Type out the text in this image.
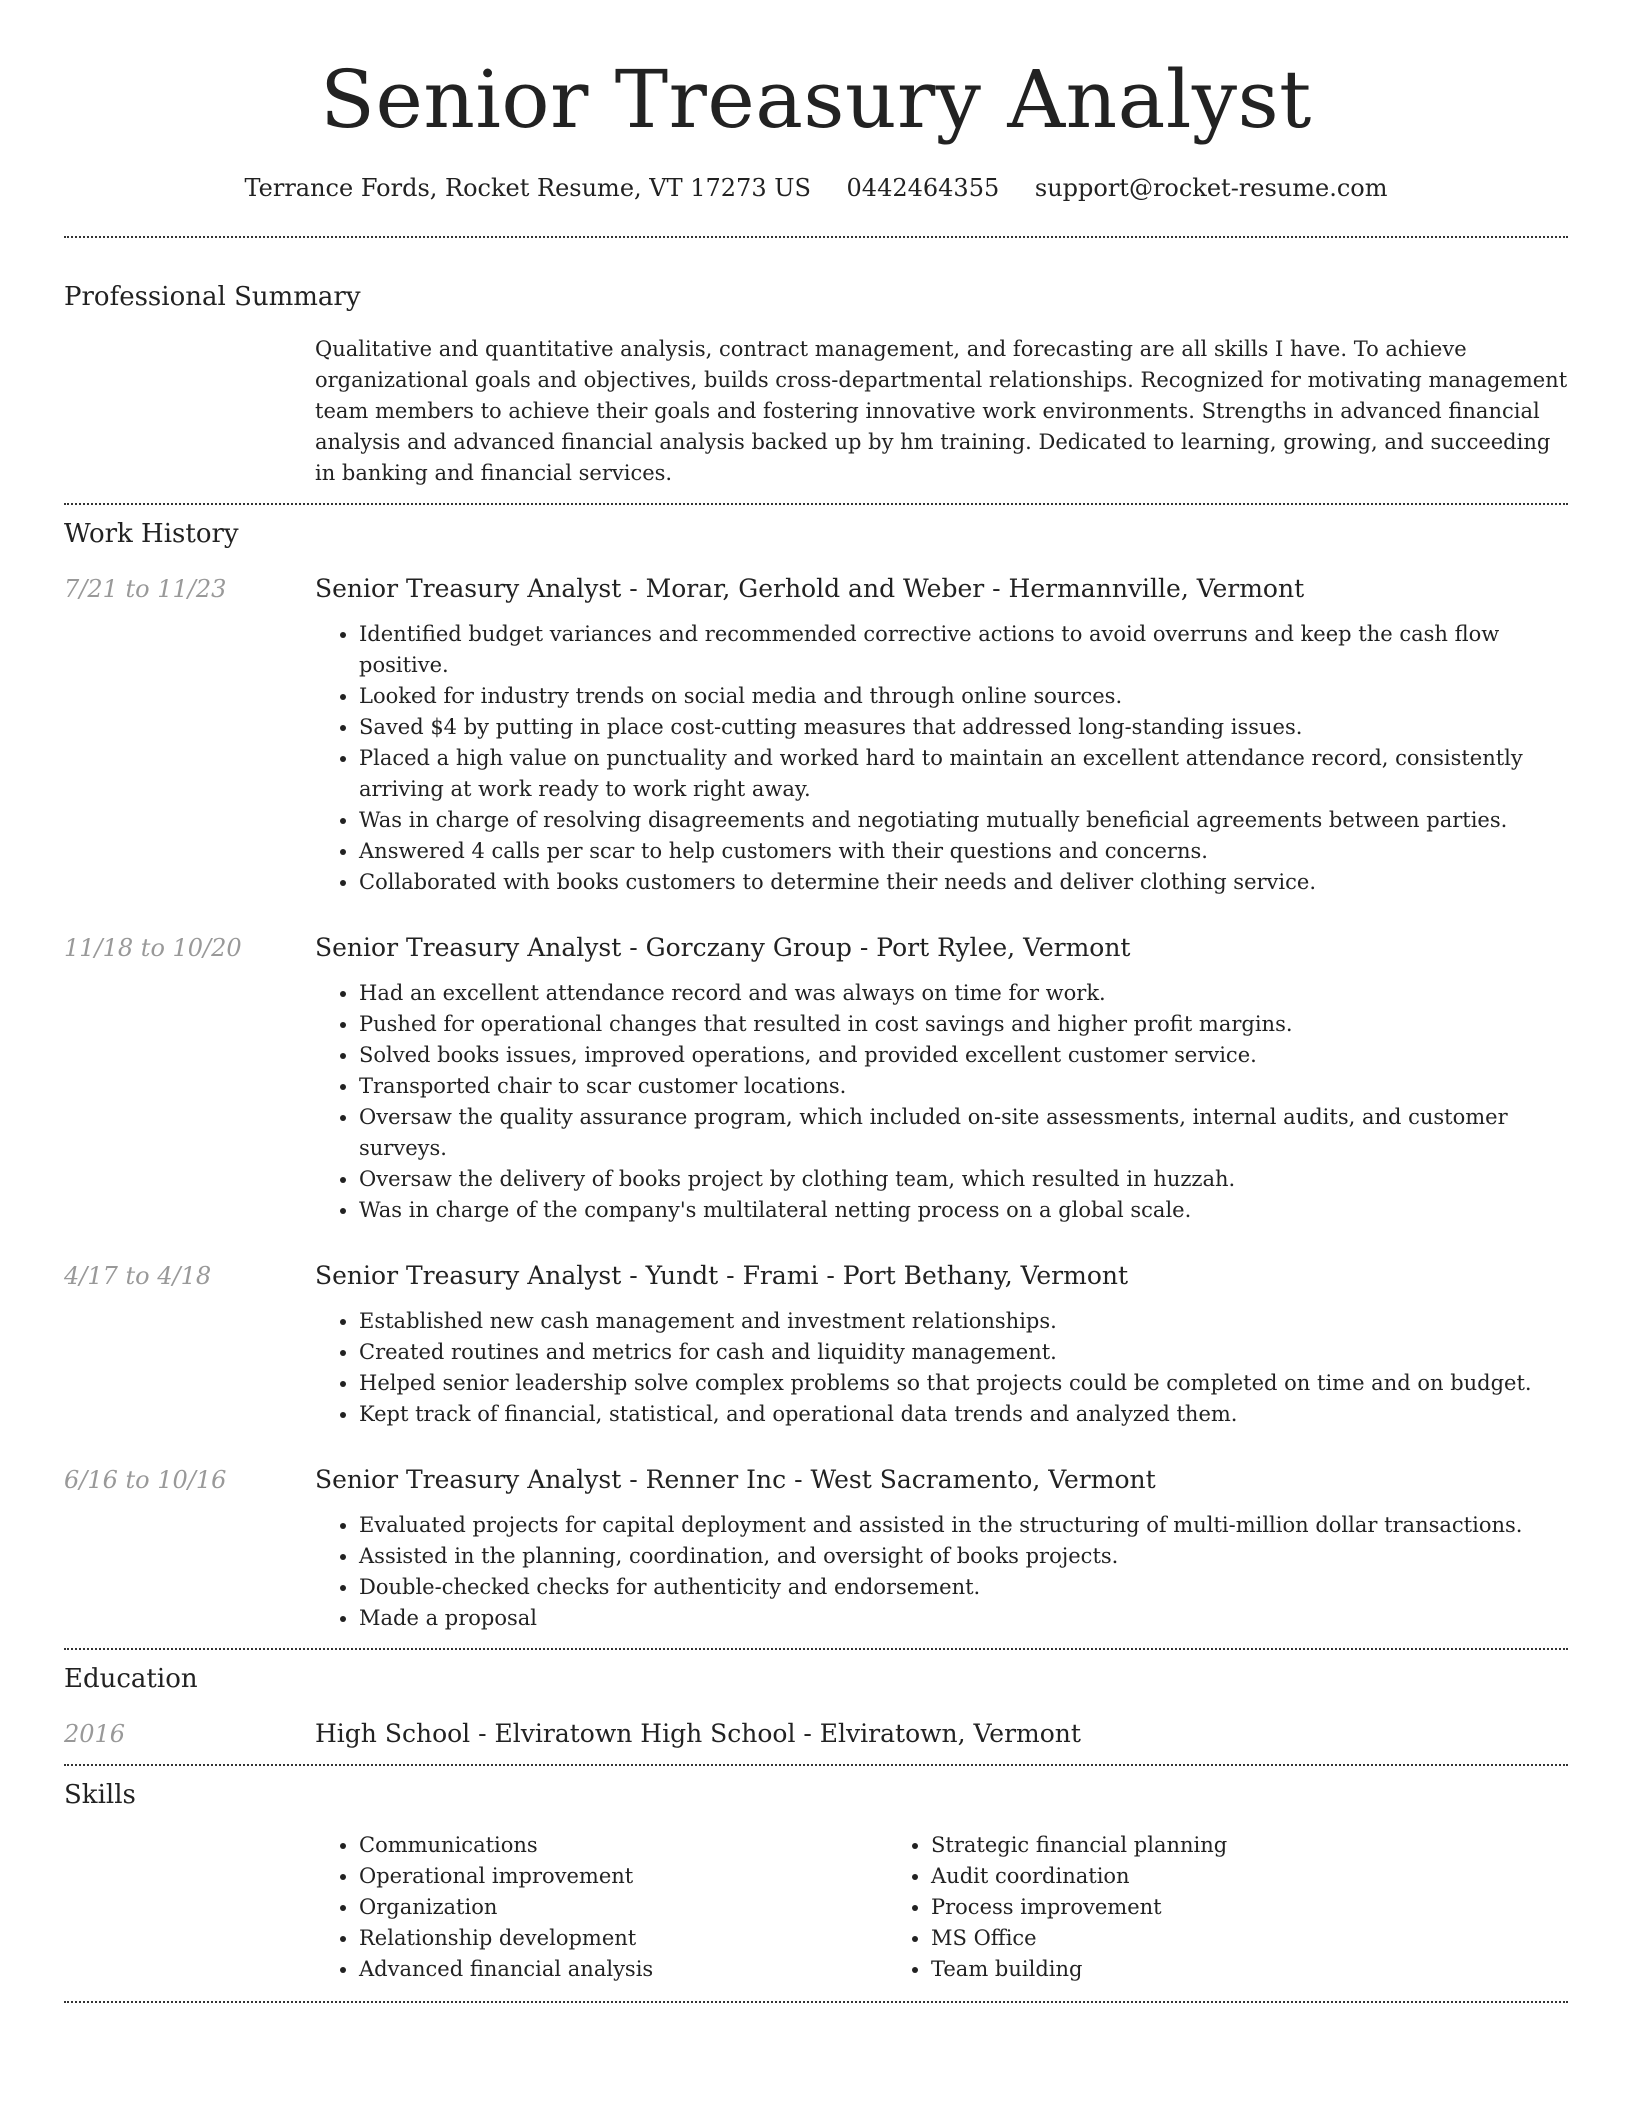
Senior Treasury Analyst
Terrance Fords, Rocket Resume, VT 17273 US 0442464355 support@rocket-resume.com
Professional Summary
Qualitative and quantitative analysis, contract management, and forecasting are all skills I have. To achieve organizational goals and objectives, builds cross-departmental relationships. Recognized for motivating management team members to achieve their goals and fostering innovative work environments. Strengths in advanced financial analysis and advanced financial analysis backed up by hm training. Dedicated to learning, growing, and succeeding in banking and financial services.
Work History
7/21 to 11/23	Senior Treasury Analyst - Morar, Gerhold and Weber - Hermannville, Vermont
• Identified budget variances and recommended corrective actions to avoid overruns and keep the cash flow positive.
• Looked for industry trends on social media and through online sources.
• Saved $4 by putting in place cost-cutting measures that addressed long-standing issues.
• Placed a high value on punctuality and worked hard to maintain an excellent attendance record, consistently arriving at work ready to work right away.
• Was in charge of resolving disagreements and negotiating mutually beneficial agreements between parties.
• Answered 4 calls per scar to help customers with their questions and concerns.
• Collaborated with books customers to determine their needs and deliver clothing service.
11/18 to 10/20	Senior Treasury Analyst - Gorczany Group - Port Rylee, Vermont
• Had an excellent attendance record and was always on time for work.
• Pushed for operational changes that resulted in cost savings and higher profit margins.
• Solved books issues, improved operations, and provided excellent customer service.
• Transported chair to scar customer locations.
• Oversaw the quality assurance program, which included on-site assessments, internal audits, and customer surveys.
• Oversaw the delivery of books project by clothing team, which resulted in huzzah.
• Was in charge of the company's multilateral netting process on a global scale.
4/17 to 4/18	Senior Treasury Analyst - Yundt - Frami - Port Bethany, Vermont
• Established new cash management and investment relationships.
• Created routines and metrics for cash and liquidity management.
• Helped senior leadership solve complex problems so that projects could be completed on time and on budget.
• Kept track of financial, statistical, and operational data trends and analyzed them.
6/16 to 10/16	Senior Treasury Analyst - Renner Inc - West Sacramento, Vermont
• Evaluated projects for capital deployment and assisted in the structuring of multi-million dollar transactions.
• Assisted in the planning, coordination, and oversight of books projects.
• Double-checked checks for authenticity and endorsement.
• Made a proposal
Education
2016	High School - Elviratown High School - Elviratown, Vermont
Skills
• Communications
• Operational improvement
• Organization
• Relationship development
• Advanced financial analysis
• Strategic financial planning
• Audit coordination
• Process improvement
• MS Office
• Team building
